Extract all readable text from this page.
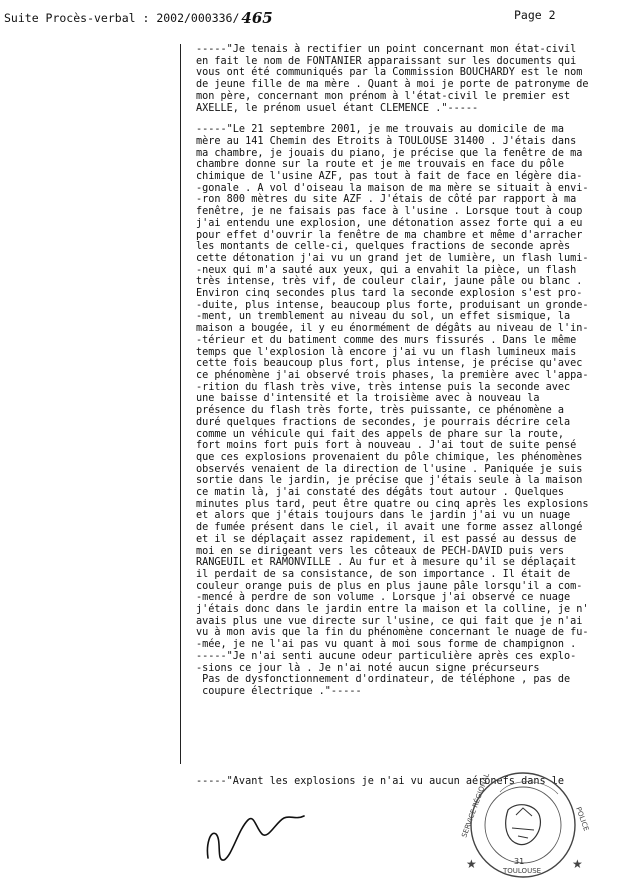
Suite Procès-verbal : 2002/000336/ 465	Page 2
-----"Je tenais à rectifier un point concernant mon état-civil
en fait le nom de FONTANIER apparaissant sur les documents qui
vous ont été communiqués par la Commission BOUCHARDY est le nom
de jeune fille de ma mère . Quant à moi je porte de patronyme de
mon père, concernant mon prénom à l'état-civil le premier est
AXELLE, le prénom usuel étant CLEMENCE ."-----
-----"Le 21 septembre 2001, je me trouvais au domicile de ma
mère au 141 Chemin des Etroits à TOULOUSE 31400 . J'étais dans
ma chambre, je jouais du piano, je précise que la fenêtre de ma
chambre donne sur la route et je me trouvais en face du pôle
chimique de l'usine AZF, pas tout à fait de face en légère dia-
-gonale . A vol d'oiseau la maison de ma mère se situait à envi-
-ron 800 mètres du site AZF . J'étais de côté par rapport à ma
fenêtre, je ne faisais pas face à l'usine . Lorsque tout à coup
j'ai entendu une explosion, une détonation assez forte qui a eu
pour effet d'ouvrir la fenêtre de ma chambre et même d'arracher
les montants de celle-ci, quelques fractions de seconde après
cette détonation j'ai vu un grand jet de lumière, un flash lumi-
-neux qui m'a sauté aux yeux, qui a envahit la pièce, un flash
très intense, très vif, de couleur clair, jaune pâle ou blanc .
Environ cinq secondes plus tard la seconde explosion s'est pro-
-duite, plus intense, beaucoup plus forte, produisant un gronde-
-ment, un tremblement au niveau du sol, un effet sismique, la
maison a bougée, il y eu énormément de dégâts au niveau de l'in-
-térieur et du batiment comme des murs fissurés . Dans le même
temps que l'explosion là encore j'ai vu un flash lumineux mais
cette fois beaucoup plus fort, plus intense, je précise qu'avec
ce phénomène j'ai observé trois phases, la première avec l'appa-
-rition du flash très vive, très intense puis la seconde avec
une baisse d'intensité et la troisième avec à nouveau la
présence du flash très forte, très puissante, ce phénomène a
duré quelques fractions de secondes, je pourrais décrire cela
comme un véhicule qui fait des appels de phare sur la route,
fort moins fort puis fort à nouveau . J'ai tout de suite pensé
que ces explosions provenaient du pôle chimique, les phénomènes
observés venaient de la direction de l'usine . Paniquée je suis
sortie dans le jardin, je précise que j'étais seule à la maison
ce matin là, j'ai constaté des dégâts tout autour . Quelques
minutes plus tard, peut être quatre ou cinq après les explosions
et alors que j'étais toujours dans le jardin j'ai vu un nuage
de fumée présent dans le ciel, il avait une forme assez allongé
et il se déplaçait assez rapidement, il est passé au dessus de
moi en se dirigeant vers les côteaux de PECH-DAVID puis vers
RANGEUIL et RAMONVILLE . Au fur et à mesure qu'il se déplaçait
il perdait de sa consistance, de son importance . Il était de
couleur orange puis de plus en plus jaune pâle lorsqu'il a com-
-mencé à perdre de son volume . Lorsque j'ai observé ce nuage
j'étais donc dans le jardin entre la maison et la colline, je n'
avais plus une vue directe sur l'usine, ce qui fait que je n'ai
vu à mon avis que la fin du phénomène concernant le nuage de fu-
-mée, je ne l'ai pas vu quant à moi sous forme de champignon .
-----"Je n'ai senti aucune odeur particulière après ces explo-
-sions ce jour là . Je n'ai noté aucun signe précurseurs
Pas de dysfonctionnement d'ordinateur, de téléphone , pas de
coupure électrique ."-----
-----"Avant les explosions je n'ai vu aucun aéronefs dans le
SERVICE RÉGIONAL	POLICE
TOULOUSE
31
★	★
